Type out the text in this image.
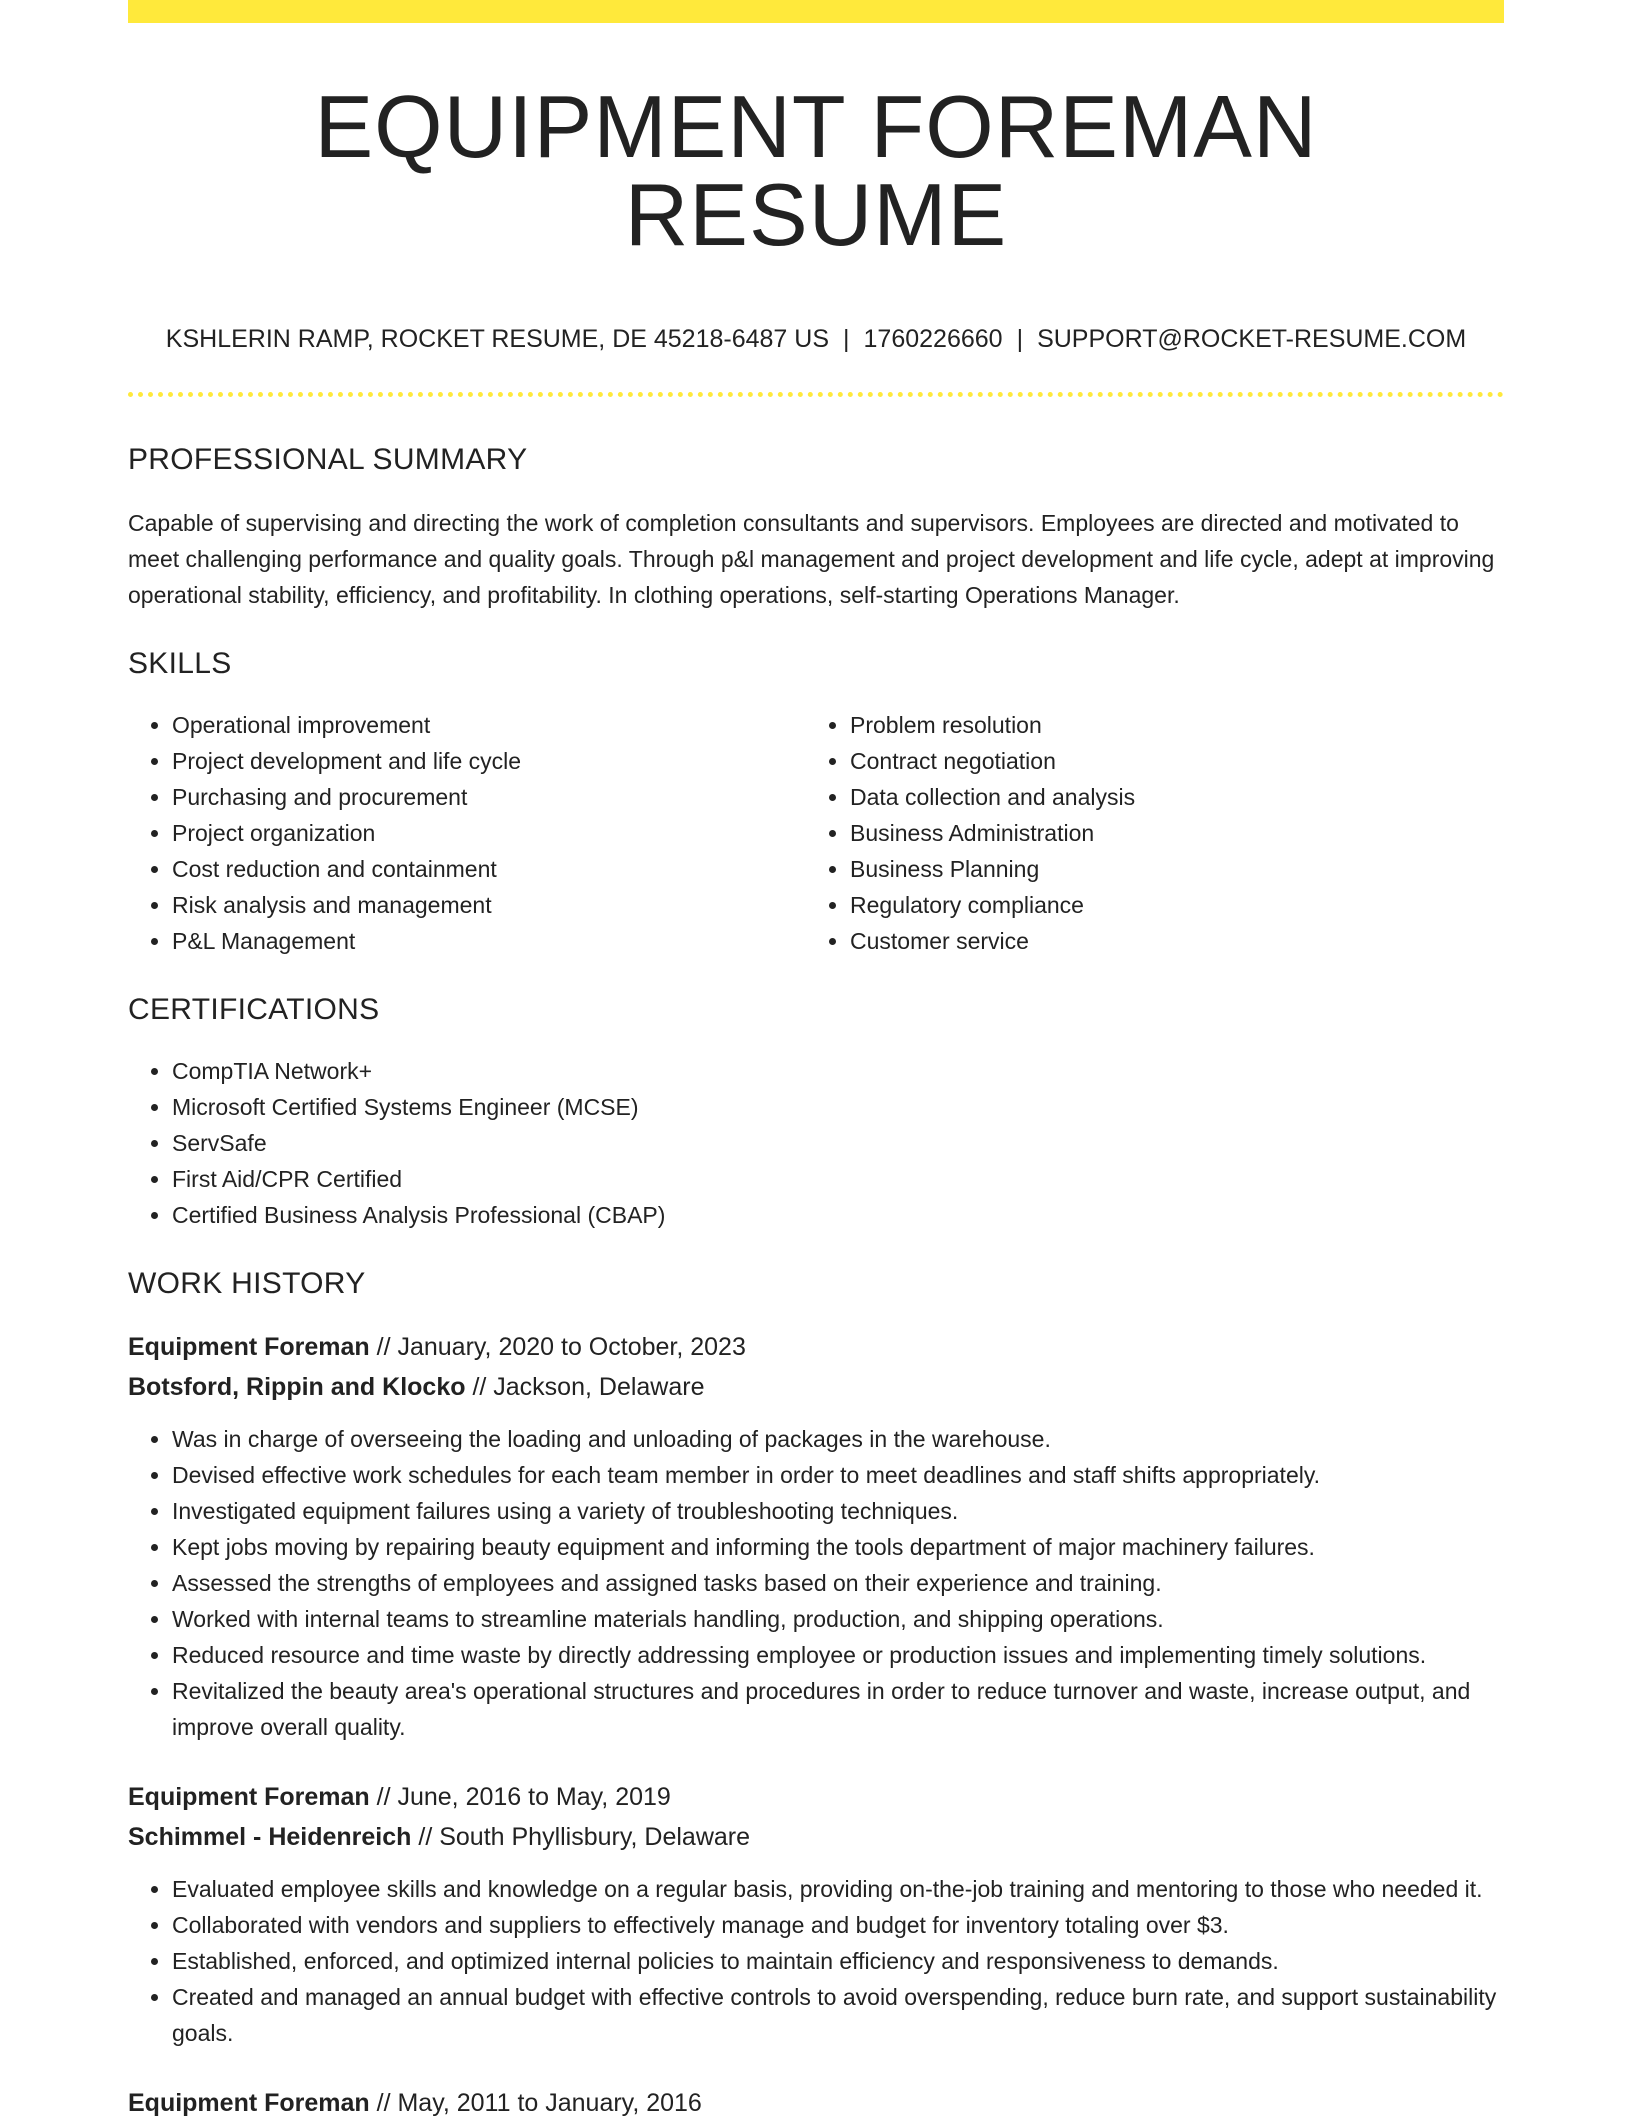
EQUIPMENT FOREMAN RESUME
KSHLERIN RAMP, ROCKET RESUME, DE 45218-6487 US | 1760226660 | SUPPORT@ROCKET-RESUME.COM
PROFESSIONAL SUMMARY

Capable of supervising and directing the work of completion consultants and supervisors. Employees are directed and motivated to meet challenging performance and quality goals. Through p&l management and project development and life cycle, adept at improving operational stability, efficiency, and profitability. In clothing operations, self-starting Operations Manager.

SKILLS
• Operational improvement
• Project development and life cycle
• Purchasing and procurement
• Project organization
• Cost reduction and containment
• Risk analysis and management
• P&L Management
• Problem resolution
• Contract negotiation
• Data collection and analysis
• Business Administration
• Business Planning
• Regulatory compliance
• Customer service
CERTIFICATIONS
• CompTIA Network+
• Microsoft Certified Systems Engineer (MCSE)
• ServSafe
• First Aid/CPR Certified
• Certified Business Analysis Professional (CBAP)
WORK HISTORY
Equipment Foreman // January, 2020 to October, 2023
Botsford, Rippin and Klocko // Jackson, Delaware
• Was in charge of overseeing the loading and unloading of packages in the warehouse.
• Devised effective work schedules for each team member in order to meet deadlines and staff shifts appropriately.
• Investigated equipment failures using a variety of troubleshooting techniques.
• Kept jobs moving by repairing beauty equipment and informing the tools department of major machinery failures.
• Assessed the strengths of employees and assigned tasks based on their experience and training.
• Worked with internal teams to streamline materials handling, production, and shipping operations.
• Reduced resource and time waste by directly addressing employee or production issues and implementing timely solutions.
• Revitalized the beauty area's operational structures and procedures in order to reduce turnover and waste, increase output, and improve overall quality.
Equipment Foreman // June, 2016 to May, 2019
Schimmel - Heidenreich // South Phyllisbury, Delaware
• Evaluated employee skills and knowledge on a regular basis, providing on-the-job training and mentoring to those who needed it.
• Collaborated with vendors and suppliers to effectively manage and budget for inventory totaling over $3.
• Established, enforced, and optimized internal policies to maintain efficiency and responsiveness to demands.
• Created and managed an annual budget with effective controls to avoid overspending, reduce burn rate, and support sustainability goals.
Equipment Foreman // May, 2011 to January, 2016
